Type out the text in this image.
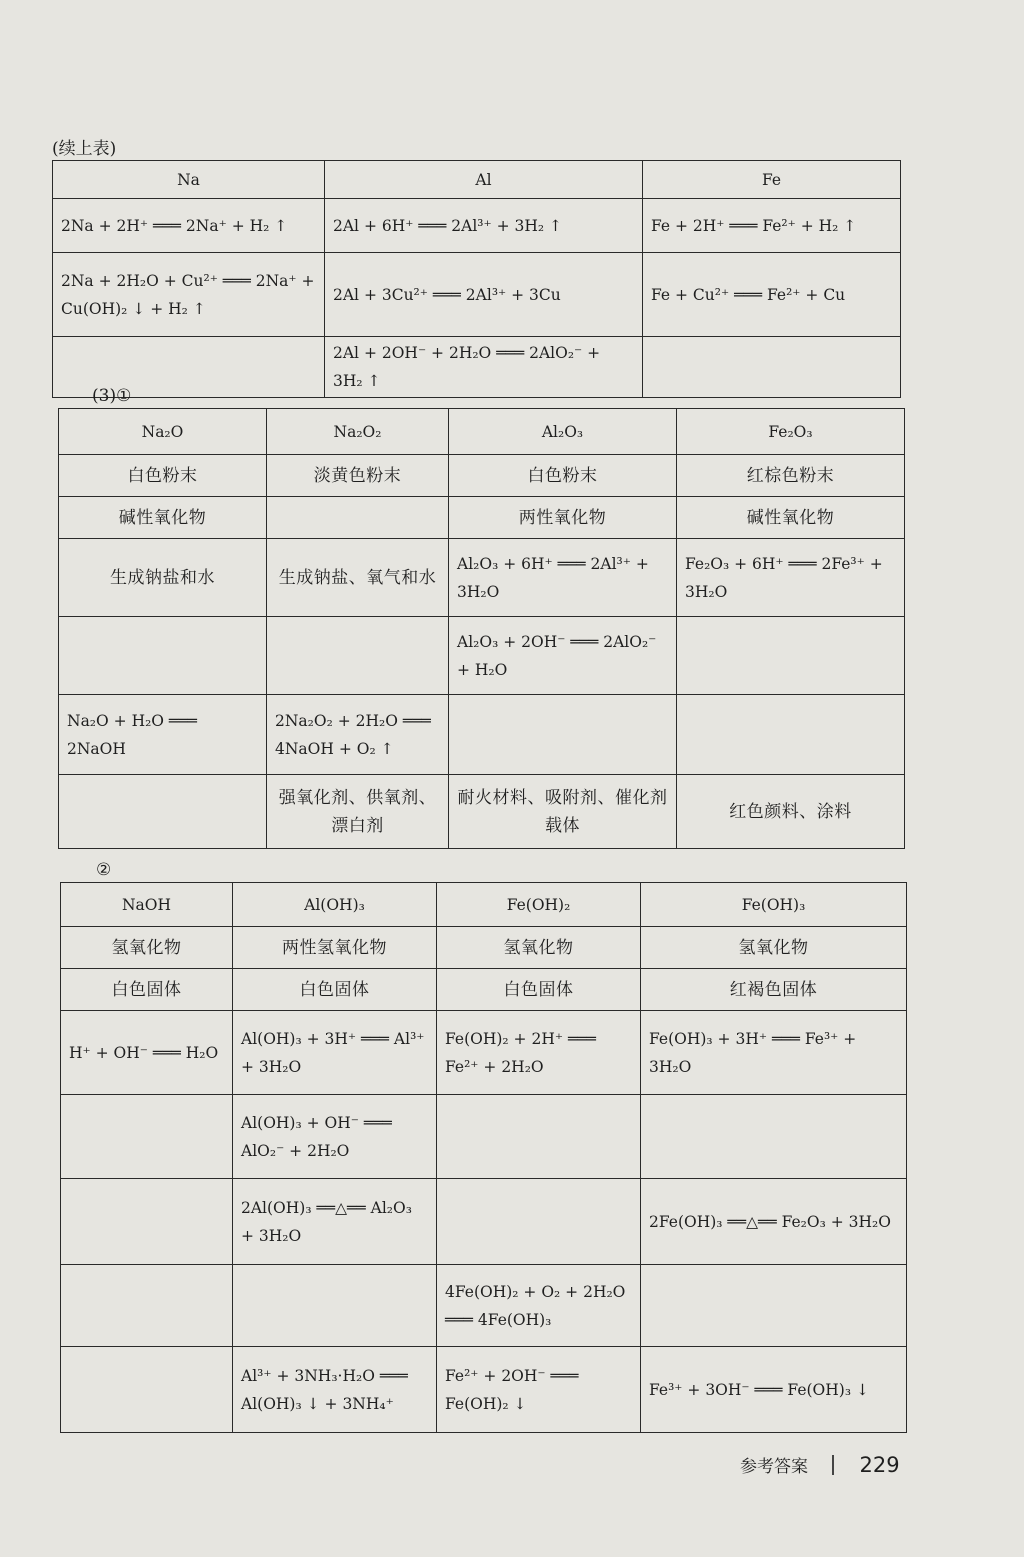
(续上表)
Na	Al	Fe
2Na + 2H⁺ ═══ 2Na⁺ + H₂ ↑	2Al + 6H⁺ ═══ 2Al³⁺ + 3H₂ ↑	Fe + 2H⁺ ═══ Fe²⁺ + H₂ ↑
2Na + 2H₂O + Cu²⁺ ═══ 2Na⁺ + Cu(OH)₂ ↓ + H₂ ↑	2Al + 3Cu²⁺ ═══ 2Al³⁺ + 3Cu	Fe + Cu²⁺ ═══ Fe²⁺ + Cu
	2Al + 2OH⁻ + 2H₂O ═══ 2AlO₂⁻ + 3H₂ ↑	
(3)①
Na₂O	Na₂O₂	Al₂O₃	Fe₂O₃
白色粉末	淡黄色粉末	白色粉末	红棕色粉末
碱性氧化物		两性氧化物	碱性氧化物
生成钠盐和水	生成钠盐、氧气和水	Al₂O₃ + 6H⁺ ═══ 2Al³⁺ + 3H₂O	Fe₂O₃ + 6H⁺ ═══ 2Fe³⁺ + 3H₂O
		Al₂O₃ + 2OH⁻ ═══ 2AlO₂⁻ + H₂O	
Na₂O + H₂O ═══ 2NaOH	2Na₂O₂ + 2H₂O ═══ 4NaOH + O₂ ↑		
	强氧化剂、供氧剂、漂白剂	耐火材料、吸附剂、催化剂载体	红色颜料、涂料
②
NaOH	Al(OH)₃	Fe(OH)₂	Fe(OH)₃
氢氧化物	两性氢氧化物	氢氧化物	氢氧化物
白色固体	白色固体	白色固体	红褐色固体
H⁺ + OH⁻ ═══ H₂O	Al(OH)₃ + 3H⁺ ═══ Al³⁺ + 3H₂O	Fe(OH)₂ + 2H⁺ ═══ Fe²⁺ + 2H₂O	Fe(OH)₃ + 3H⁺ ═══ Fe³⁺ + 3H₂O
	Al(OH)₃ + OH⁻ ═══ AlO₂⁻ + 2H₂O		
	2Al(OH)₃ ══△══ Al₂O₃ + 3H₂O		2Fe(OH)₃ ══△══ Fe₂O₃ + 3H₂O
		4Fe(OH)₂ + O₂ + 2H₂O ═══ 4Fe(OH)₃	
	Al³⁺ + 3NH₃·H₂O ═══ Al(OH)₃ ↓ + 3NH₄⁺	Fe²⁺ + 2OH⁻ ═══ Fe(OH)₂ ↓	Fe³⁺ + 3OH⁻ ═══ Fe(OH)₃ ↓
参考答案 229
